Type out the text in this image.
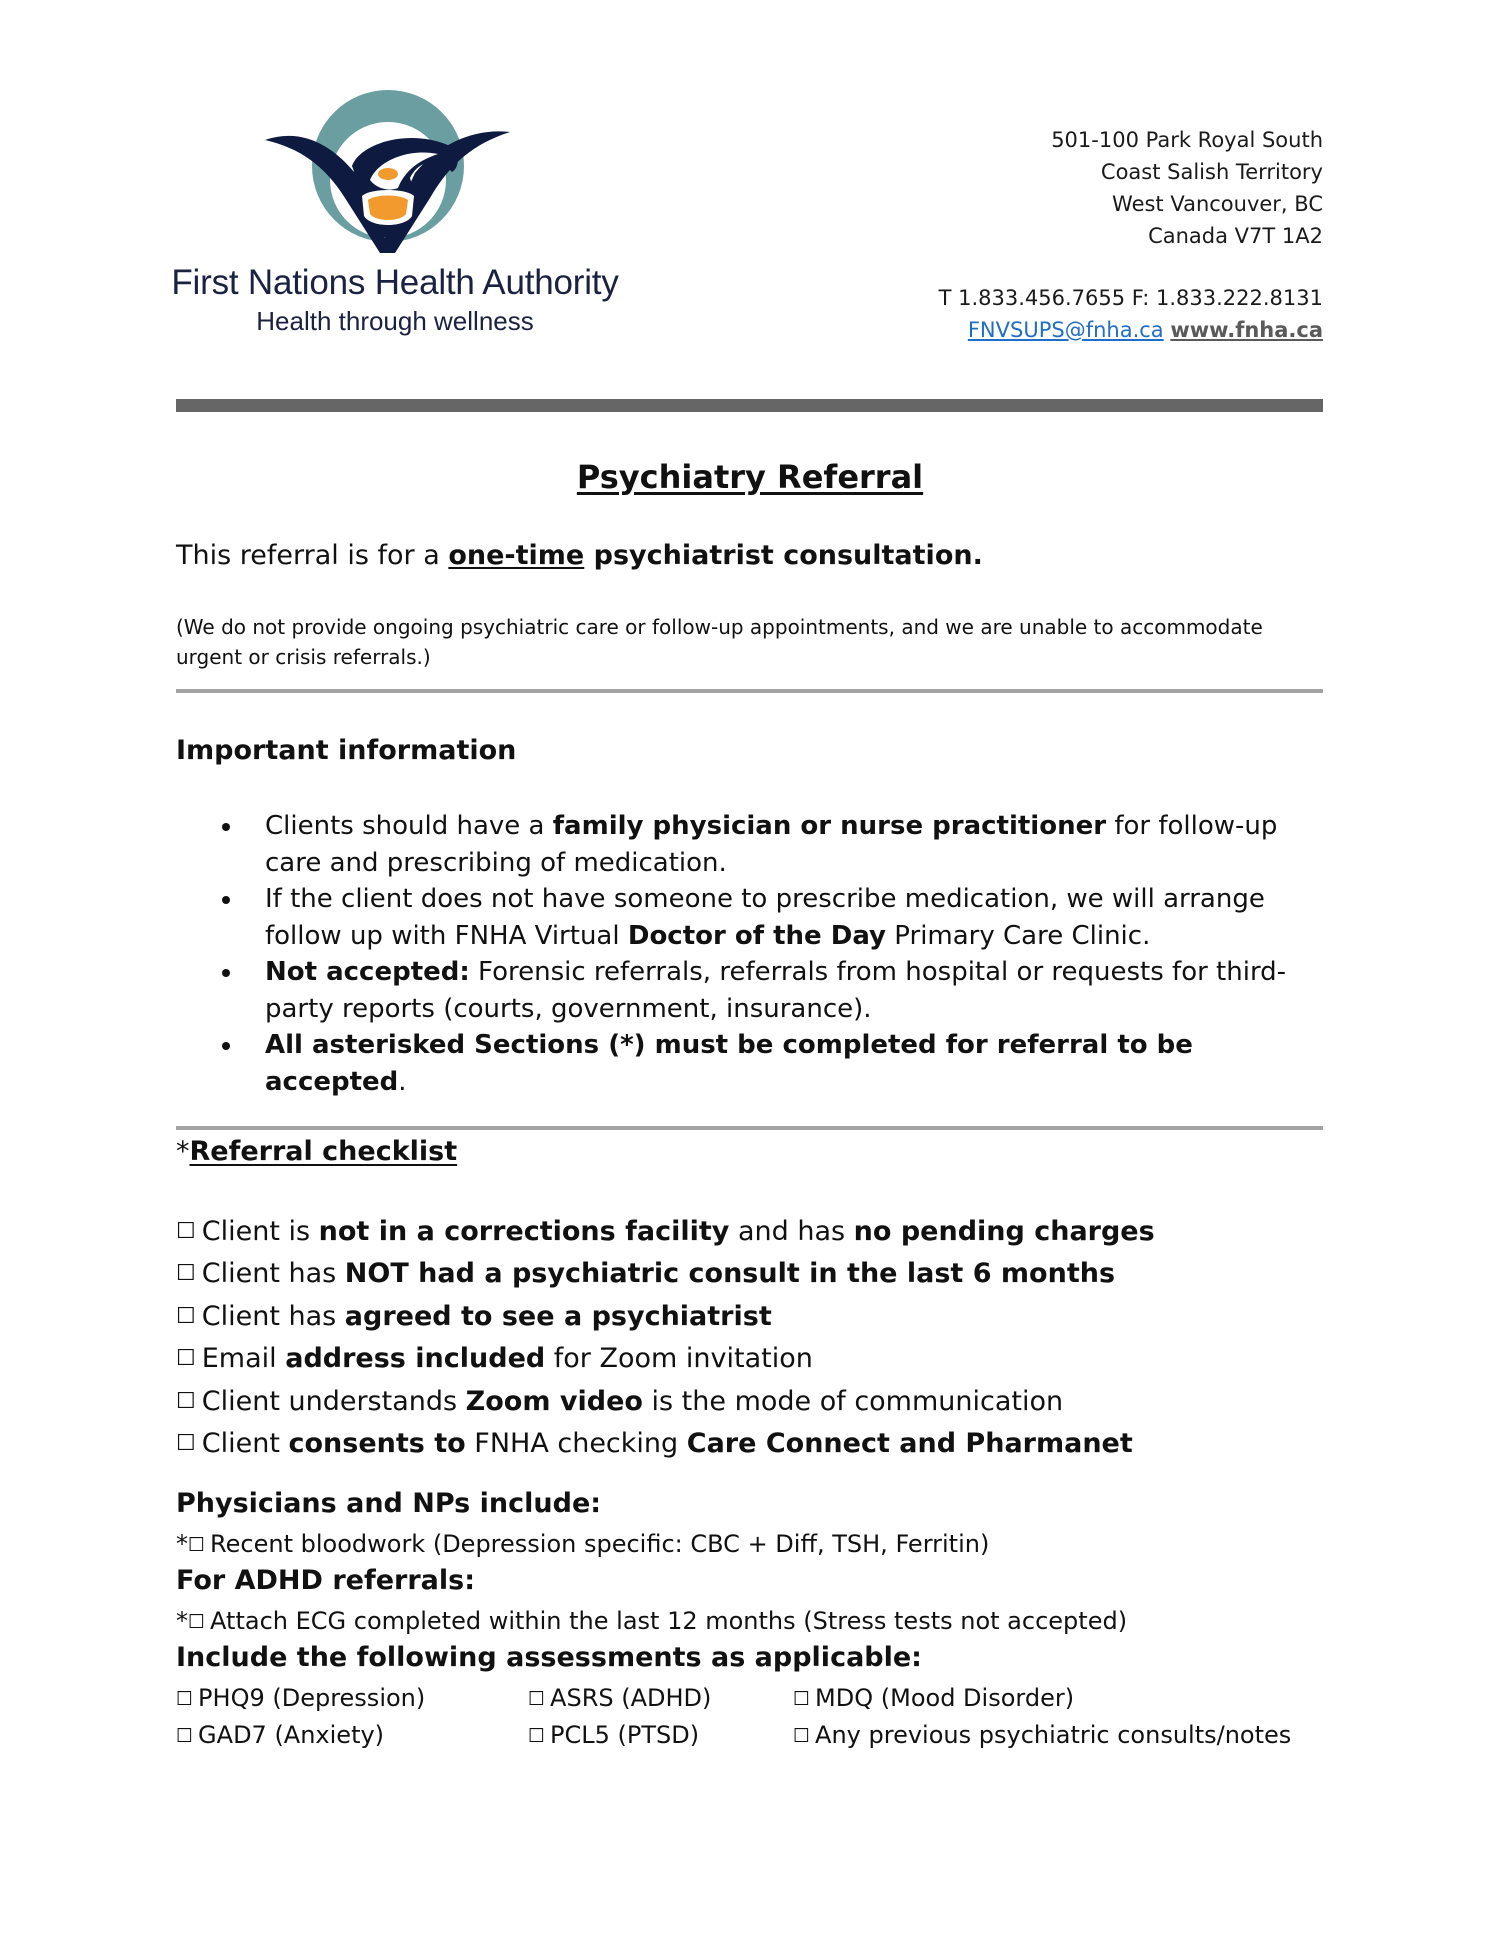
First Nations Health Authority
Health through wellness
501-100 Park Royal South
Coast Salish Territory
West Vancouver, BC
Canada V7T 1A2
T 1.833.456.7655 F: 1.833.222.8131
FNVSUPS@fnha.ca www.fnha.ca
Psychiatry Referral
This referral is for a one-time psychiatrist consultation.
(We do not provide ongoing psychiatric care or follow-up appointments, and we are unable to accommodate urgent or crisis referrals.)
Important information
Clients should have a family physician or nurse practitioner for follow-up care and prescribing of medication.
If the client does not have someone to prescribe medication, we will arrange follow up with FNHA Virtual Doctor of the Day Primary Care Clinic.
Not accepted: Forensic referrals, referrals from hospital or requests for third-party reports (courts, government, insurance).
All asterisked Sections (*) must be completed for referral to be accepted.
*Referral checklist
☐ Client is not in a corrections facility and has no pending charges
☐ Client has NOT had a psychiatric consult in the last 6 months
☐ Client has agreed to see a psychiatrist
☐ Email address included for Zoom invitation
☐ Client understands Zoom video is the mode of communication
☐ Client consents to FNHA checking Care Connect and Pharmanet
Physicians and NPs include:
*☐ Recent bloodwork (Depression specific: CBC + Diff, TSH, Ferritin)
For ADHD referrals:
*☐ Attach ECG completed within the last 12 months (Stress tests not accepted)
Include the following assessments as applicable:
☐ PHQ9 (Depression)	☐ ASRS (ADHD)	☐ MDQ (Mood Disorder)
☐ GAD7 (Anxiety)	☐ PCL5 (PTSD)	☐ Any previous psychiatric consults/notes
